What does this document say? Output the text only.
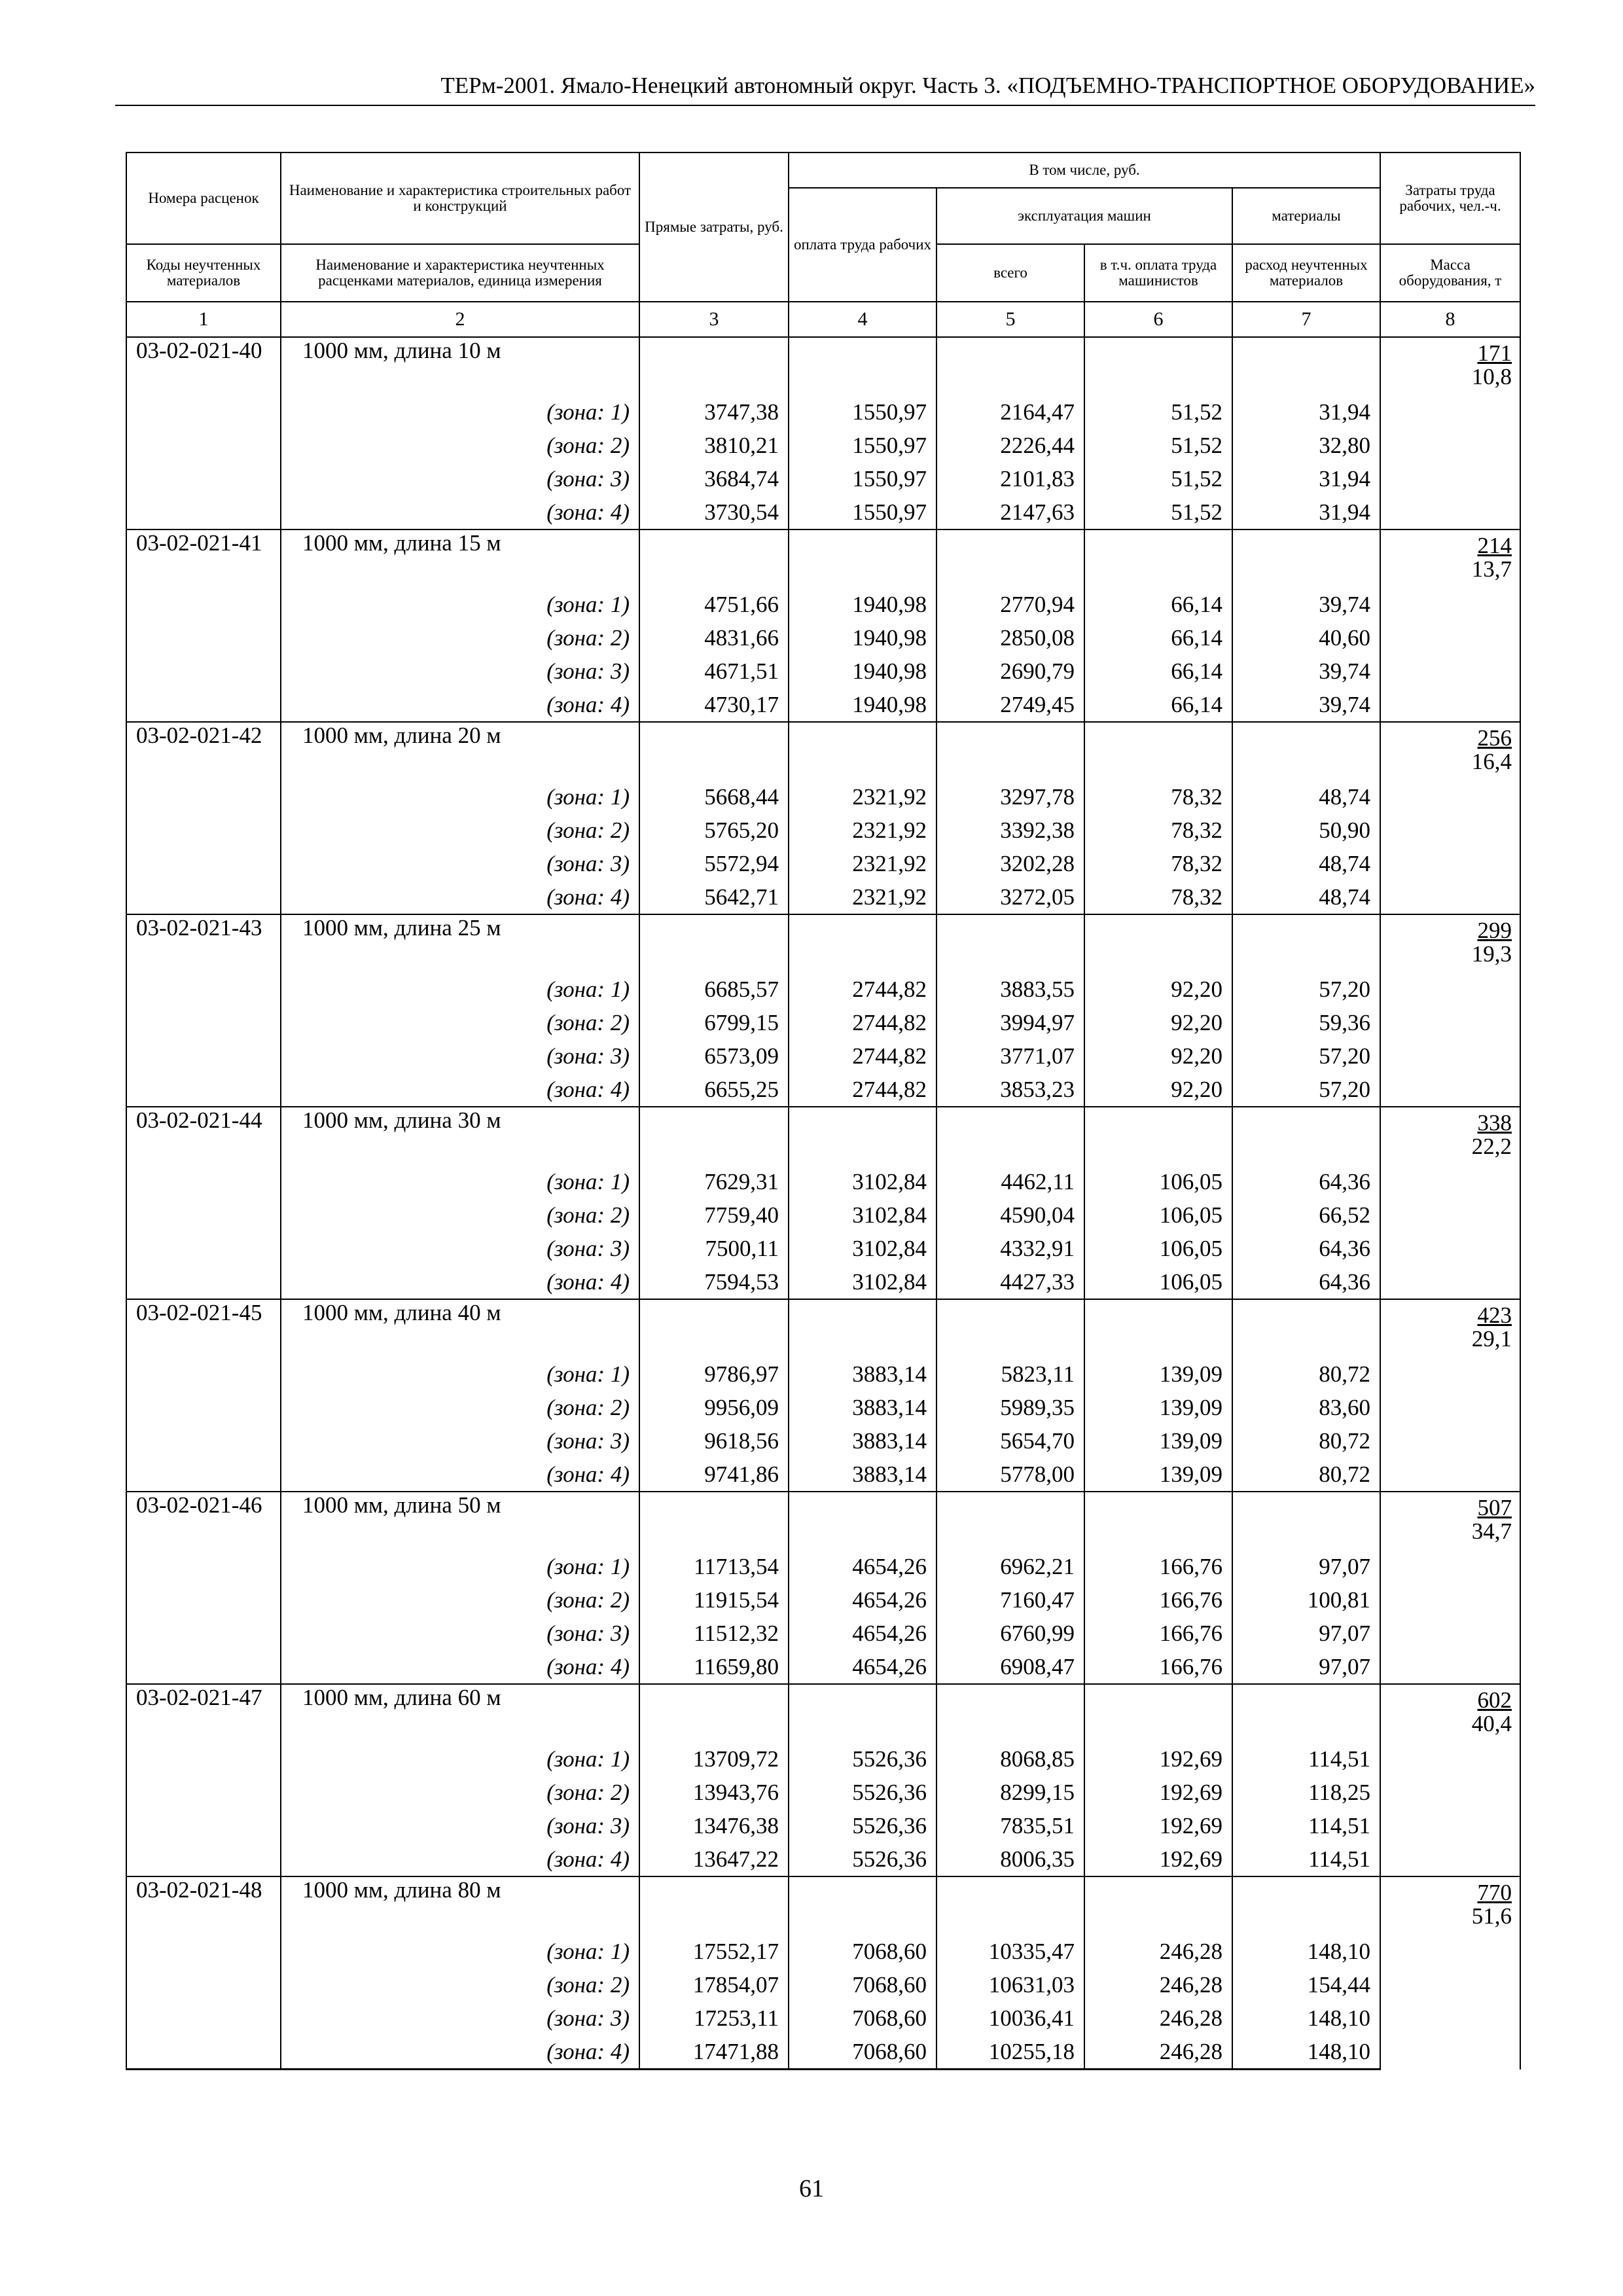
ТЕРм-2001. Ямало-Ненецкий автономный округ. Часть 3. «ПОДЪЕМНО-ТРАНСПОРТНОЕ ОБОРУДОВАНИЕ»
Номера расценок	Наименование и характеристика строительных работ и конструкций	Прямые затраты, руб.	В том числе, руб.				Затраты труда рабочих, чел.-ч.
			оплата труда рабочих	эксплуатация машин		материалы	
Коды неучтенных материалов	Наименование и характеристика неучтенных расценками материалов, единица измерения			всего	в т.ч. оплата труда машинистов	расход неучтенных материалов	Масса оборудования, т
1	2	3	4	5	6	7	8
03-02-021-40	1000 мм, длина 10 м						171
10,8

	(зона: 1)	3747,38	1550,97	2164,47	51,52	31,94	
	(зона: 2)	3810,21	1550,97	2226,44	51,52	32,80	
	(зона: 3)	3684,74	1550,97	2101,83	51,52	31,94	
	(зона: 4)	3730,54	1550,97	2147,63	51,52	31,94	
03-02-021-41	1000 мм, длина 15 м						214
13,7

	(зона: 1)	4751,66	1940,98	2770,94	66,14	39,74	
	(зона: 2)	4831,66	1940,98	2850,08	66,14	40,60	
	(зона: 3)	4671,51	1940,98	2690,79	66,14	39,74	
	(зона: 4)	4730,17	1940,98	2749,45	66,14	39,74	
03-02-021-42	1000 мм, длина 20 м						256
16,4

	(зона: 1)	5668,44	2321,92	3297,78	78,32	48,74	
	(зона: 2)	5765,20	2321,92	3392,38	78,32	50,90	
	(зона: 3)	5572,94	2321,92	3202,28	78,32	48,74	
	(зона: 4)	5642,71	2321,92	3272,05	78,32	48,74	
03-02-021-43	1000 мм, длина 25 м						299
19,3

	(зона: 1)	6685,57	2744,82	3883,55	92,20	57,20	
	(зона: 2)	6799,15	2744,82	3994,97	92,20	59,36	
	(зона: 3)	6573,09	2744,82	3771,07	92,20	57,20	
	(зона: 4)	6655,25	2744,82	3853,23	92,20	57,20	
03-02-021-44	1000 мм, длина 30 м						338
22,2

	(зона: 1)	7629,31	3102,84	4462,11	106,05	64,36	
	(зона: 2)	7759,40	3102,84	4590,04	106,05	66,52	
	(зона: 3)	7500,11	3102,84	4332,91	106,05	64,36	
	(зона: 4)	7594,53	3102,84	4427,33	106,05	64,36	
03-02-021-45	1000 мм, длина 40 м						423
29,1

	(зона: 1)	9786,97	3883,14	5823,11	139,09	80,72	
	(зона: 2)	9956,09	3883,14	5989,35	139,09	83,60	
	(зона: 3)	9618,56	3883,14	5654,70	139,09	80,72	
	(зона: 4)	9741,86	3883,14	5778,00	139,09	80,72	
03-02-021-46	1000 мм, длина 50 м						507
34,7

	(зона: 1)	11713,54	4654,26	6962,21	166,76	97,07	
	(зона: 2)	11915,54	4654,26	7160,47	166,76	100,81	
	(зона: 3)	11512,32	4654,26	6760,99	166,76	97,07	
	(зона: 4)	11659,80	4654,26	6908,47	166,76	97,07	
03-02-021-47	1000 мм, длина 60 м						602
40,4

	(зона: 1)	13709,72	5526,36	8068,85	192,69	114,51	
	(зона: 2)	13943,76	5526,36	8299,15	192,69	118,25	
	(зона: 3)	13476,38	5526,36	7835,51	192,69	114,51	
	(зона: 4)	13647,22	5526,36	8006,35	192,69	114,51	
03-02-021-48	1000 мм, длина 80 м						770
51,6

	(зона: 1)	17552,17	7068,60	10335,47	246,28	148,10	
	(зона: 2)	17854,07	7068,60	10631,03	246,28	154,44	
	(зона: 3)	17253,11	7068,60	10036,41	246,28	148,10	
	(зона: 4)	17471,88	7068,60	10255,18	246,28	148,10	
61
